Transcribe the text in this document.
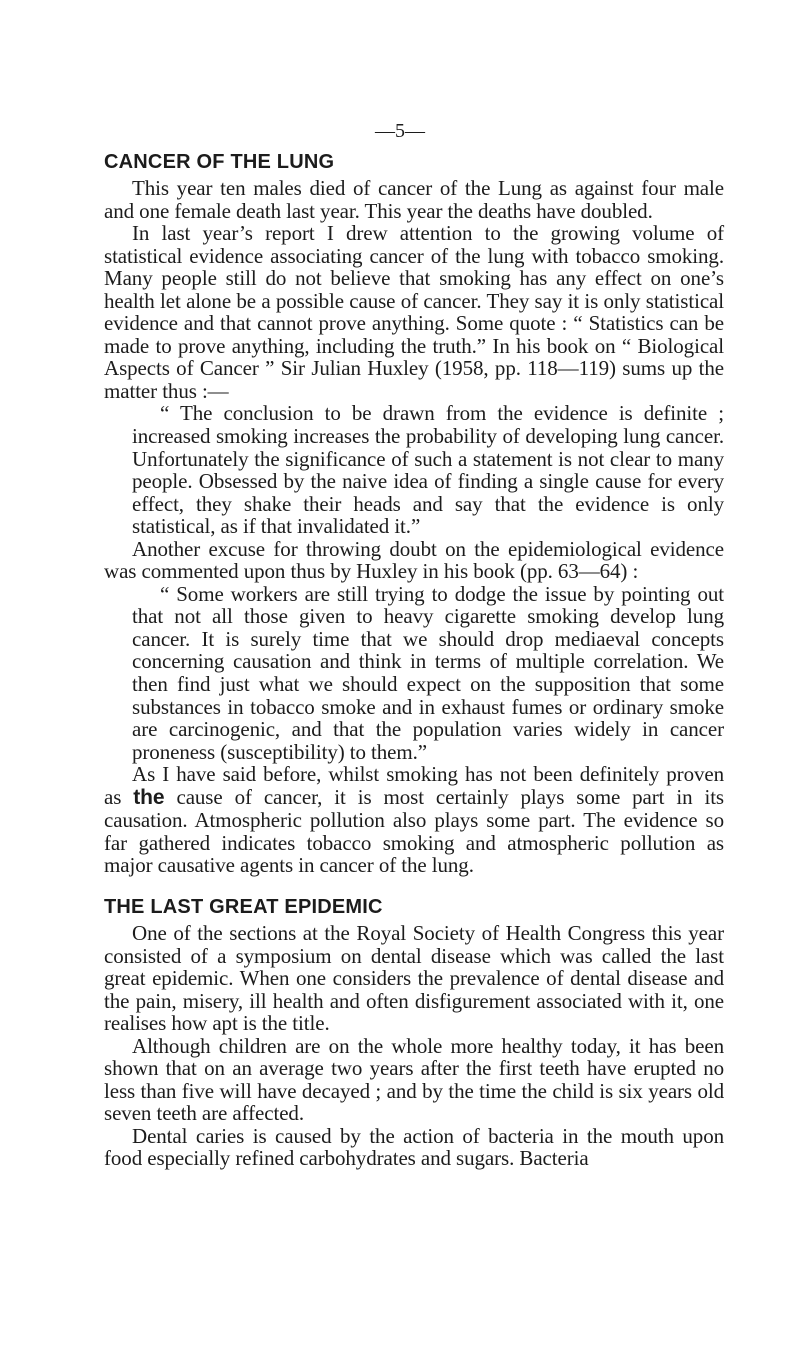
—5—
CANCER OF THE LUNG

This year ten males died of cancer of the Lung as against four male and one female death last year. This year the deaths have doubled.

In last year’s report I drew attention to the growing volume of statistical evidence associating cancer of the lung with tobacco smoking. Many people still do not believe that smoking has any effect on one’s health let alone be a possible cause of cancer. They say it is only statistical evidence and that cannot prove anything. Some quote : “ Statistics can be made to prove anything, including the truth.” In his book on “ Biological Aspects of Cancer ” Sir Julian Huxley (1958, pp. 118—119) sums up the matter thus :—

“ The conclusion to be drawn from the evidence is definite ; increased smoking increases the probability of developing lung cancer. Unfortunately the significance of such a statement is not clear to many people. Obsessed by the naive idea of finding a single cause for every effect, they shake their heads and say that the evidence is only statistical, as if that invalidated it.”

Another excuse for throwing doubt on the epidemiological evidence was commented upon thus by Huxley in his book (pp. 63—64) :

“ Some workers are still trying to dodge the issue by pointing out that not all those given to heavy cigarette smoking develop lung cancer. It is surely time that we should drop mediaeval concepts concerning causation and think in terms of multiple correlation. We then find just what we should expect on the supposition that some substances in tobacco smoke and in exhaust fumes or ordinary smoke are carcinogenic, and that the population varies widely in cancer proneness (susceptibility) to them.”

As I have said before, whilst smoking has not been definitely proven as the cause of cancer, it is most certainly plays some part in its causation. Atmospheric pollution also plays some part. The evidence so far gathered indicates tobacco smoking and atmospheric pollution as major causative agents in cancer of the lung.

THE LAST GREAT EPIDEMIC

One of the sections at the Royal Society of Health Congress this year consisted of a symposium on dental disease which was called the last great epidemic. When one considers the prevalence of dental disease and the pain, misery, ill health and often disfigurement associated with it, one realises how apt is the title.

Although children are on the whole more healthy today, it has been shown that on an average two years after the first teeth have erupted no less than five will have decayed ; and by the time the child is six years old seven teeth are affected.

Dental caries is caused by the action of bacteria in the mouth upon food especially refined carbohydrates and sugars. Bacteria
